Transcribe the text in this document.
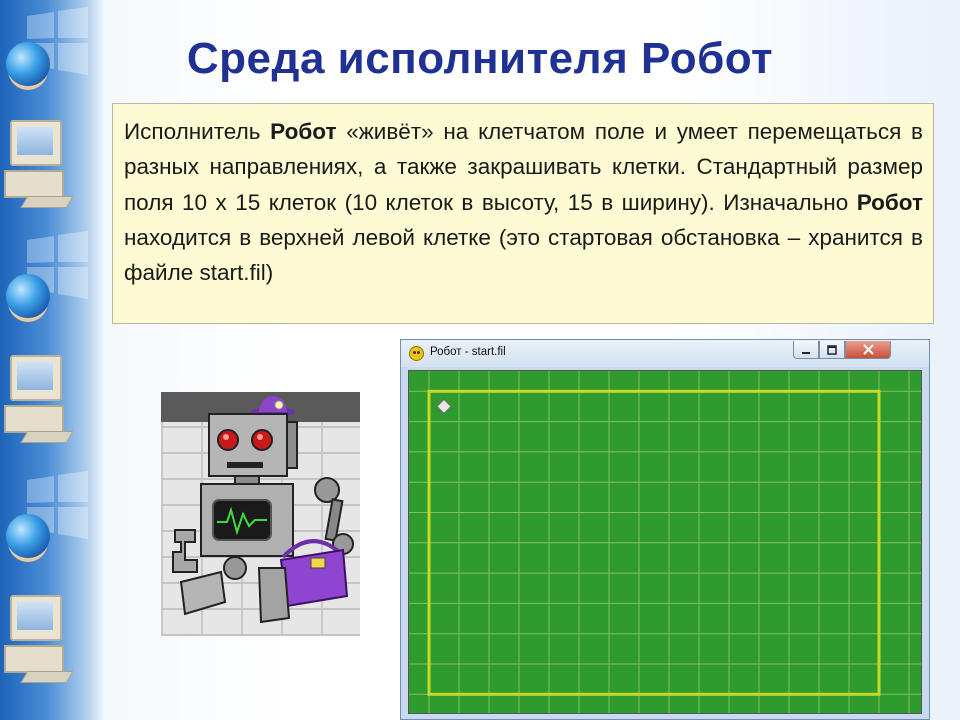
Среда исполнителя Робот
Исполнитель Робот «живёт» на клетчатом поле и умеет перемещаться в разных направлениях, а также закрашивать клетки. Стандартный размер поля 10 х 15 клеток (10 клеток в высоту, 15 в ширину). Изначально Робот находится в верхней левой клетке (это стартовая обстановка – хранится в файле start.fil)
Робот - start.fil
